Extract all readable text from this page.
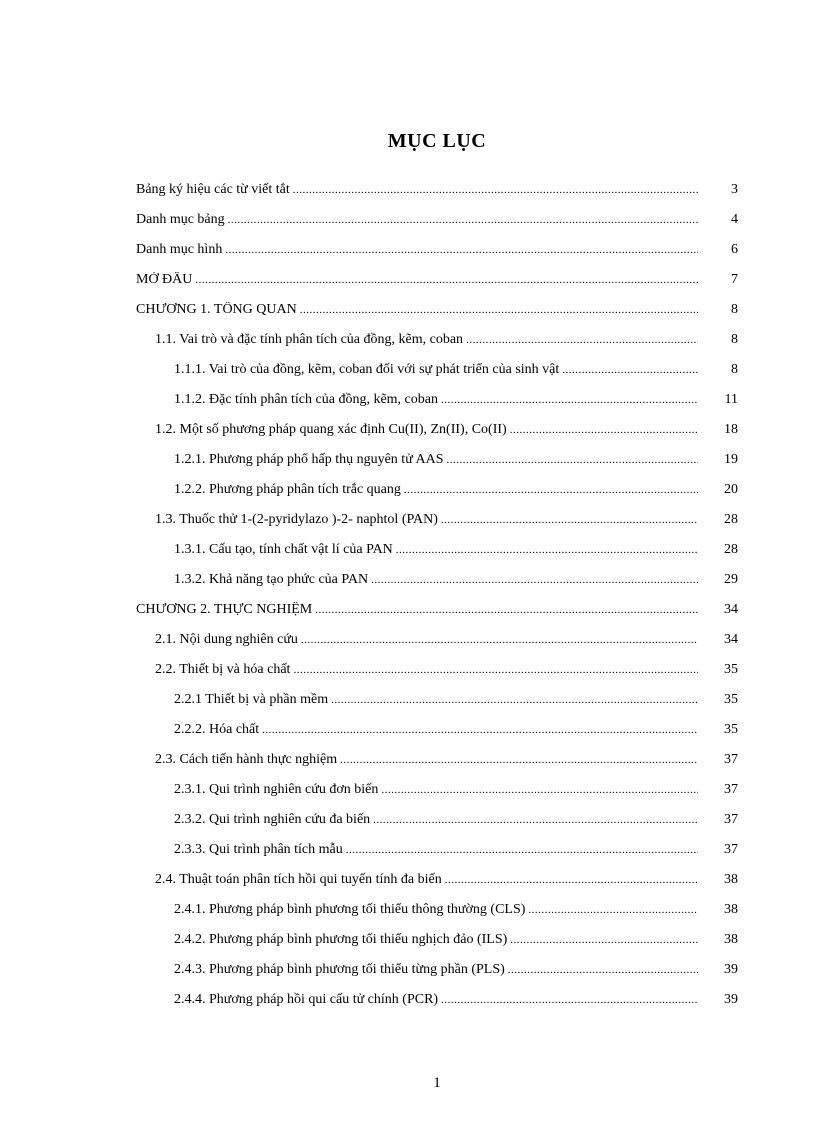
MỤC LỤC
Bảng ký hiệu các từ viết tắt .....	3
Danh mục bảng .....	4
Danh mục hình .....	6
MỞ ĐẦU .....	7
CHƯƠNG 1. TỔNG QUAN .....	8
1.1. Vai trò và đặc tính phân tích của đồng, kẽm, coban .....	8
1.1.1. Vai trò của đồng, kẽm, coban đối với sự phát triển của sinh vật .....	8
1.1.2. Đặc tính phân tích của đồng, kẽm, coban .....	11
1.2. Một số phương pháp quang xác định Cu(II), Zn(II), Co(II) .....	18
1.2.1. Phương pháp phổ hấp thụ nguyên tử AAS .....	19
1.2.2. Phương pháp phân tích trắc quang .....	20
1.3. Thuốc thử 1-(2-pyridylazo )-2- naphtol (PAN) .....	28
1.3.1. Cấu tạo, tính chất vật lí của PAN .....	28
1.3.2. Khả năng tạo phức của PAN .....	29
CHƯƠNG 2. THỰC NGHIỆM .....	34
2.1. Nội dung nghiên cứu .....	34
2.2. Thiết bị và hóa chất .....	35
2.2.1 Thiết bị và phần mềm .....	35
2.2.2. Hóa chất .....	35
2.3. Cách tiến hành thực nghiệm .....	37
2.3.1. Qui trình nghiên cứu đơn biến .....	37
2.3.2. Qui trình nghiên cứu đa biến .....	37
2.3.3. Qui trình phân tích mẫu .....	37
2.4. Thuật toán phân tích hồi qui tuyến tính đa biến .....	38
2.4.1. Phương pháp bình phương tối thiểu thông thường (CLS) .....	38
2.4.2. Phương pháp bình phương tối thiểu nghịch đảo (ILS) .....	38
2.4.3. Phương pháp bình phương tối thiểu từng phần (PLS) .....	39
2.4.4. Phương pháp hồi qui cấu tử chính (PCR) .....	39
1
